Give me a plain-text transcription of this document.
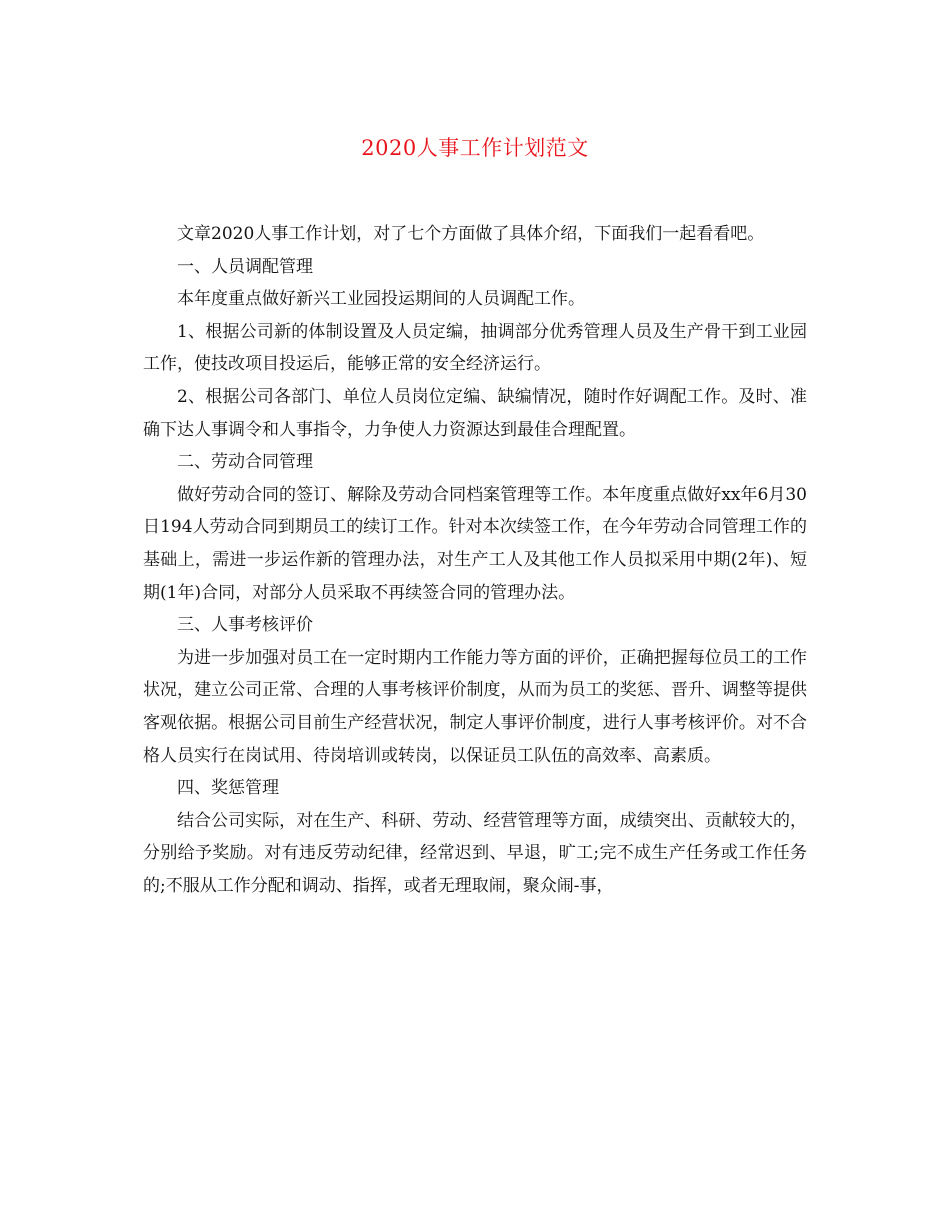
2020人事工作计划范文

文章2020人事工作计划，对了七个方面做了具体介绍，下面我们一起看看吧。

一、人员调配管理

本年度重点做好新兴工业园投运期间的人员调配工作。

1、根据公司新的体制设置及人员定编，抽调部分优秀管理人员及生产骨干到工业园工作，使技改项目投运后，能够正常的安全经济运行。

2、根据公司各部门、单位人员岗位定编、缺编情况，随时作好调配工作。及时、准确下达人事调令和人事指令，力争使人力资源达到最佳合理配置。

二、劳动合同管理

做好劳动合同的签订、解除及劳动合同档案管理等工作。本年度重点做好xx年6月30日194人劳动合同到期员工的续订工作。针对本次续签工作，在今年劳动合同管理工作的基础上，需进一步运作新的管理办法，对生产工人及其他工作人员拟采用中期(2年)、短期(1年)合同，对部分人员采取不再续签合同的管理办法。

三、人事考核评价

为进一步加强对员工在一定时期内工作能力等方面的评价，正确把握每位员工的工作状况，建立公司正常、合理的人事考核评价制度，从而为员工的奖惩、晋升、调整等提供客观依据。根据公司目前生产经营状况，制定人事评价制度，进行人事考核评价。对不合格人员实行在岗试用、待岗培训或转岗，以保证员工队伍的高效率、高素质。

四、奖惩管理

结合公司实际，对在生产、科研、劳动、经营管理等方面，成绩突出、贡献较大的，分别给予奖励。对有违反劳动纪律，经常迟到、早退，旷工;完不成生产任务或工作任务的;不服从工作分配和调动、指挥，或者无理取闹，聚众闹-事，
